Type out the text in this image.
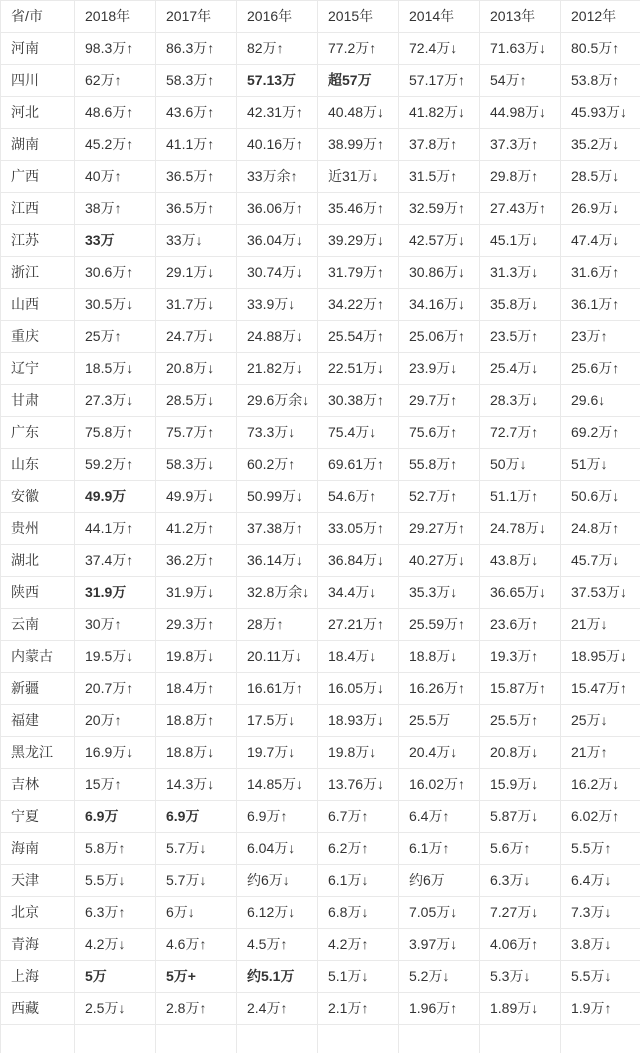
省/市	2018年	2017年	2016年	2015年	2014年	2013年	2012年
河南	98.3万↑	86.3万↑	82万↑	77.2万↑	72.4万↓	71.63万↓	80.5万↑
四川	62万↑	58.3万↑	57.13万	超57万	57.17万↑	54万↑	53.8万↑
河北	48.6万↑	43.6万↑	42.31万↑	40.48万↓	41.82万↓	44.98万↓	45.93万↓
湖南	45.2万↑	41.1万↑	40.16万↑	38.99万↑	37.8万↑	37.3万↑	35.2万↓
广西	40万↑	36.5万↑	33万余↑	近31万↓	31.5万↑	29.8万↑	28.5万↓
江西	38万↑	36.5万↑	36.06万↑	35.46万↑	32.59万↑	27.43万↑	26.9万↓
江苏	33万	33万↓	36.04万↓	39.29万↓	42.57万↓	45.1万↓	47.4万↓
浙江	30.6万↑	29.1万↓	30.74万↓	31.79万↑	30.86万↓	31.3万↓	31.6万↑
山西	30.5万↓	31.7万↓	33.9万↓	34.22万↑	34.16万↓	35.8万↓	36.1万↑
重庆	25万↑	24.7万↓	24.88万↓	25.54万↑	25.06万↑	23.5万↑	23万↑
辽宁	18.5万↓	20.8万↓	21.82万↓	22.51万↓	23.9万↓	25.4万↓	25.6万↑
甘肃	27.3万↓	28.5万↓	29.6万余↓	30.38万↑	29.7万↑	28.3万↓	29.6↓
广东	75.8万↑	75.7万↑	73.3万↓	75.4万↓	75.6万↑	72.7万↑	69.2万↑
山东	59.2万↑	58.3万↓	60.2万↑	69.61万↑	55.8万↑	50万↓	51万↓
安徽	49.9万	49.9万↓	50.99万↓	54.6万↑	52.7万↑	51.1万↑	50.6万↓
贵州	44.1万↑	41.2万↑	37.38万↑	33.05万↑	29.27万↑	24.78万↓	24.8万↑
湖北	37.4万↑	36.2万↑	36.14万↓	36.84万↓	40.27万↓	43.8万↓	45.7万↓
陕西	31.9万	31.9万↓	32.8万余↓	34.4万↓	35.3万↓	36.65万↓	37.53万↓
云南	30万↑	29.3万↑	28万↑	27.21万↑	25.59万↑	23.6万↑	21万↓
内蒙古	19.5万↓	19.8万↓	20.11万↓	18.4万↓	18.8万↓	19.3万↑	18.95万↓
新疆	20.7万↑	18.4万↑	16.61万↑	16.05万↓	16.26万↑	15.87万↑	15.47万↑
福建	20万↑	18.8万↑	17.5万↓	18.93万↓	25.5万	25.5万↑	25万↓
黑龙江	16.9万↓	18.8万↓	19.7万↓	19.8万↓	20.4万↓	20.8万↓	21万↑
吉林	15万↑	14.3万↓	14.85万↓	13.76万↓	16.02万↑	15.9万↓	16.2万↓
宁夏	6.9万	6.9万	6.9万↑	6.7万↑	6.4万↑	5.87万↓	6.02万↑
海南	5.8万↑	5.7万↓	6.04万↓	6.2万↑	6.1万↑	5.6万↑	5.5万↑
天津	5.5万↓	5.7万↓	约6万↓	6.1万↓	约6万	6.3万↓	6.4万↓
北京	6.3万↑	6万↓	6.12万↓	6.8万↓	7.05万↓	7.27万↓	7.3万↓
青海	4.2万↓	4.6万↑	4.5万↑	4.2万↑	3.97万↓	4.06万↑	3.8万↓
上海	5万	5万+	约5.1万	5.1万↓	5.2万↓	5.3万↓	5.5万↓
西藏	2.5万↓	2.8万↑	2.4万↑	2.1万↑	1.96万↑	1.89万↓	1.9万↑
